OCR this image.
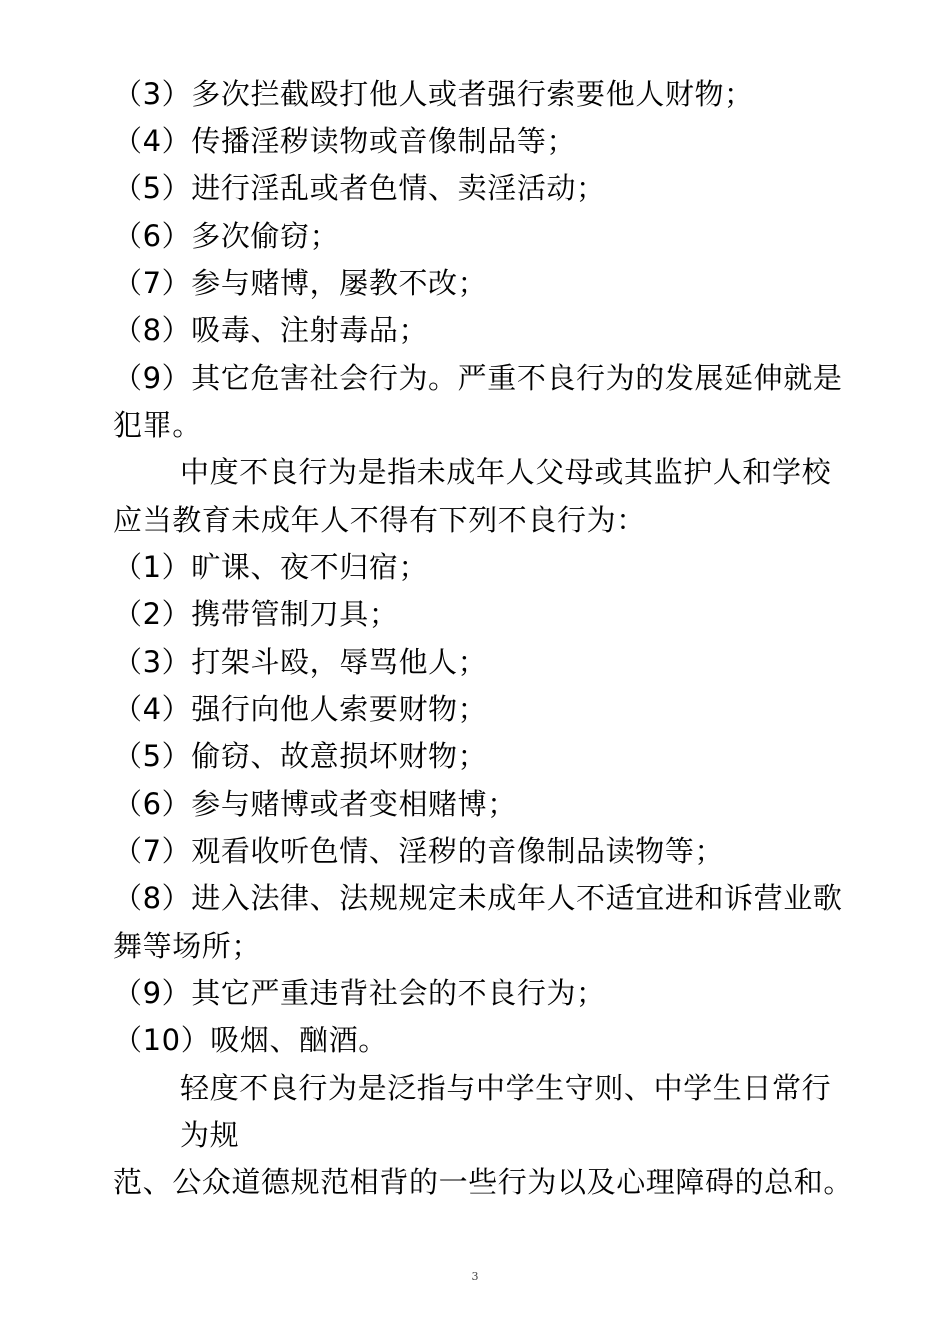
（3）多次拦截殴打他人或者强行索要他人财物；
（4）传播淫秽读物或音像制品等；
（5）进行淫乱或者色情、卖淫活动；
（6）多次偷窃；
（7）参与赌博，屡教不改；
（8）吸毒、注射毒品；
（9）其它危害社会行为。严重不良行为的发展延伸就是
犯罪。
中度不良行为是指未成年人父母或其监护人和学校
应当教育未成年人不得有下列不良行为：
（1）旷课、夜不归宿；
（2）携带管制刀具；
（3）打架斗殴，辱骂他人；
（4）强行向他人索要财物；
（5）偷窃、故意损坏财物；
（6）参与赌博或者变相赌博；
（7）观看收听色情、淫秽的音像制品读物等；
（8）进入法律、法规规定未成年人不适宜进和诉营业歌
舞等场所；
（9）其它严重违背社会的不良行为；
（10）吸烟、酗酒。
轻度不良行为是泛指与中学生守则、中学生日常行
为规
范、公众道德规范相背的一些行为以及心理障碍的总和。
3
